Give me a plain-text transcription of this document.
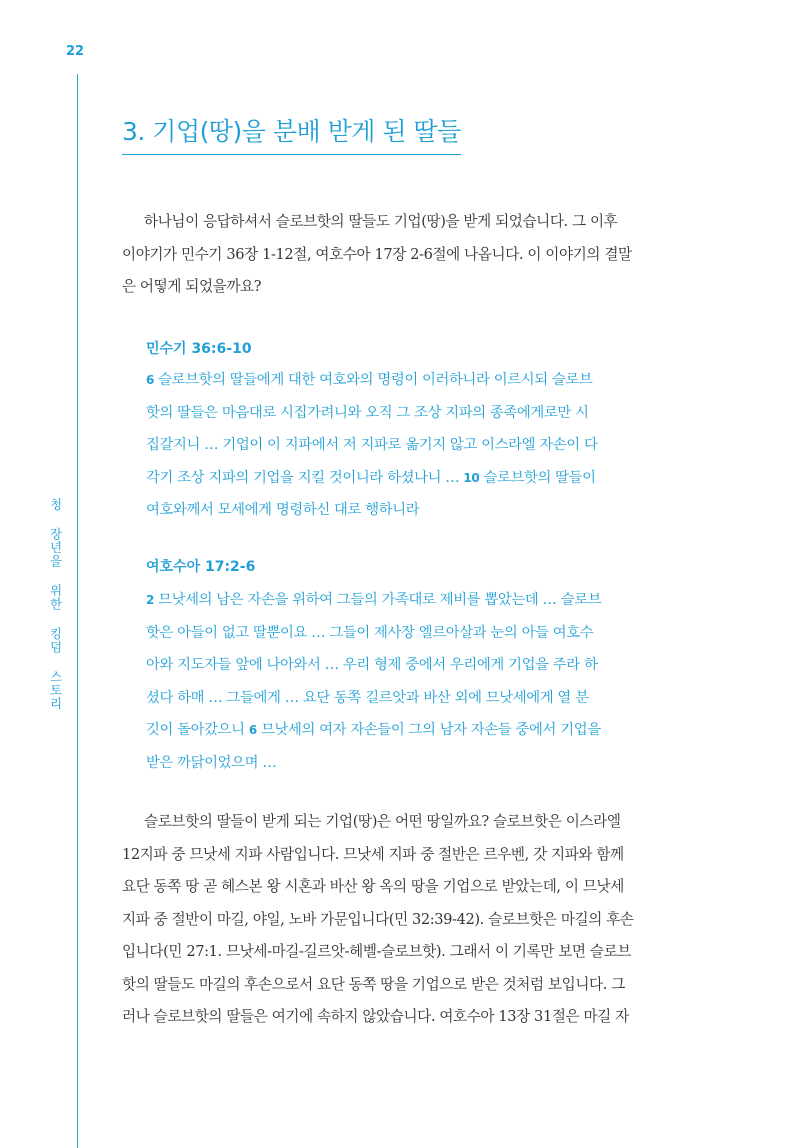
22
청 장년을 위한 킹덤 스토리
3. 기업(땅)을 분배 받게 된 딸들
하나님이 응답하셔서 슬로브핫의 딸들도 기업(땅)을 받게 되었습니다. 그 이후
이야기가 민수기 36장 1-12절, 여호수아 17장 2-6절에 나옵니다. 이 이야기의 결말
은 어떻게 되었을까요?
민수기 36:6-10
6 슬로브핫의 딸들에게 대한 여호와의 명령이 이러하니라 이르시되 슬로브
핫의 딸들은 마음대로 시집가려니와 오직 그 조상 지파의 종족에게로만 시
집갈지니 … 기업이 이 지파에서 저 지파로 옮기지 않고 이스라엘 자손이 다
각기 조상 지파의 기업을 지킬 것이니라 하셨나니 … 10 슬로브핫의 딸들이
여호와께서 모세에게 명령하신 대로 행하니라
여호수아 17:2-6
2 므낫세의 남은 자손을 위하여 그들의 가족대로 제비를 뽑았는데 … 슬로브
핫은 아들이 없고 딸뿐이요 … 그들이 제사장 엘르아살과 눈의 아들 여호수
아와 지도자들 앞에 나아와서 … 우리 형제 중에서 우리에게 기업을 주라 하
셨다 하매 … 그들에게 … 요단 동쪽 길르앗과 바산 외에 므낫세에게 열 분
깃이 돌아갔으니 6 므낫세의 여자 자손들이 그의 남자 자손들 중에서 기업을
받은 까닭이었으며 …
슬로브핫의 딸들이 받게 되는 기업(땅)은 어떤 땅일까요? 슬로브핫은 이스라엘
12지파 중 므낫세 지파 사람입니다. 므낫세 지파 중 절반은 르우벤, 갓 지파와 함께
요단 동쪽 땅 곧 헤스본 왕 시혼과 바산 왕 옥의 땅을 기업으로 받았는데, 이 므낫세
지파 중 절반이 마길, 야일, 노바 가문입니다(민 32:39-42). 슬로브핫은 마길의 후손
입니다(민 27:1. 므낫세-마길-길르앗-헤벨-슬로브핫). 그래서 이 기록만 보면 슬로브
핫의 딸들도 마길의 후손으로서 요단 동쪽 땅을 기업으로 받은 것처럼 보입니다. 그
러나 슬로브핫의 딸들은 여기에 속하지 않았습니다. 여호수아 13장 31절은 마길 자
